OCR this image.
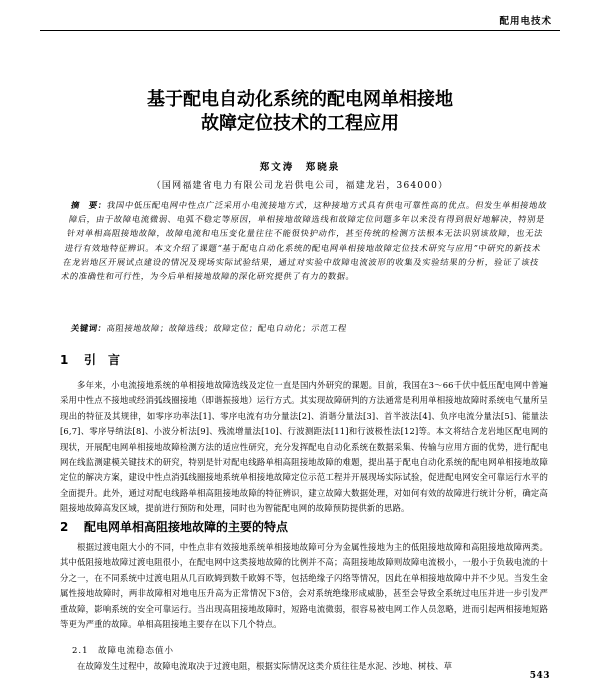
配用电技术
基于配电自动化系统的配电网单相接地
故障定位技术的工程应用
郑文涛　郑晓泉
（国网福建省电力有限公司龙岩供电公司，福建龙岩，364000）
摘　要：我国中低压配电网中性点广泛采用小电流接地方式，这种接地方式具有供电可靠性高的优点。但发生单相接地故障后，由于故障电流微弱、电弧不稳定等原因，单相接地故障选线和故障定位问题多年以来没有得到很好地解决，特别是针对单相高阻接地故障，故障电流和电压变化量往往不能很快护动作，甚至传统的检测方法根本无法识别该故障，也无法进行有效地特征辨识。本文介绍了课题“基于配电自动化系统的配电网单相接地故障定位技术研究与应用”中研究的新技术在龙岩地区开展试点建设的情况及现场实际试验结果，通过对实验中故障电流波形的收集及实验结果的分析，验证了该技术的准确性和可行性，为今后单相接地故障的深化研究提供了有力的数据。
关键词：高阻接地故障；故障选线；故障定位；配电自动化；示范工程
1 引　言

多年来，小电流接地系统的单相接地故障选线及定位一直是国内外研究的课题。目前，我国在3～66千伏中低压配电网中普遍采用中性点不接地或经消弧线圈接地（即谐振接地）运行方式。其实现故障研判的方法通常是利用单相接地故障时系统电气量所呈现出的特征及其规律，如零序功率法[1]、零序电流有功分量法[2]、消谐分量法[3]、首半波法[4]、负序电流分量法[5]、能量法[6,7]、零序导纳法[8]、小波分析法[9]、残流增量法[10]、行波测距法[11]和行波极性法[12]等。本文将结合龙岩地区配电网的现状，开展配电网单相接地故障检测方法的适应性研究，充分发挥配电自动化系统在数据采集、传输与应用方面的优势，进行配电网在线监测建模关键技术的研究，特别是针对配电线路单相高阻接地故障的难题，提出基于配电自动化系统的配电网单相接地故障定位的解决方案，建设中性点消弧线圈接地系统单相接地故障定位示范工程并开展现场实际试验，促进配电网安全可靠运行水平的全面提升。此外，通过对配电线路单相高阻接地故障的特征辨识，建立故障大数据处理，对如何有效的故障进行统计分析，确定高阻接地故障高发区域，提前进行预防和处理，同时也为智能配电网的故障预防提供新的思路。

2 配电网单相高阻接地故障的主要的特点

根据过渡电阻大小的不同，中性点非有效接地系统单相接地故障可分为金属性接地为主的低阻接地故障和高阻接地故障两类。其中低阻接地故障过渡电阻很小，在配电网中这类接地故障的比例并不高；高阻接地故障则故障电流极小，一般小于负载电流的十分之一，在不同系统中过渡电阻从几百欧姆到数千欧姆不等，包括绝缘子闪络等情况，因此在单相接地故障中并不少见。当发生金属性接地故障时，两非故障相对地电压升高为正常情况下3倍，会对系统绝缘形成威胁，甚至会导致全系统过电压并进一步引发严重故障，影响系统的安全可靠运行。当出现高阻接地故障时，短路电流微弱，很容易被电网工作人员忽略，进而引起两相接地短路等更为严重的故障。单相高阻接地主要存在以下几个特点。

2.1 故障电流稳态值小
在故障发生过程中，故障电流取决于过渡电阻，根据实际情况这类介质往往是水泥、沙地、树枝、草
543
